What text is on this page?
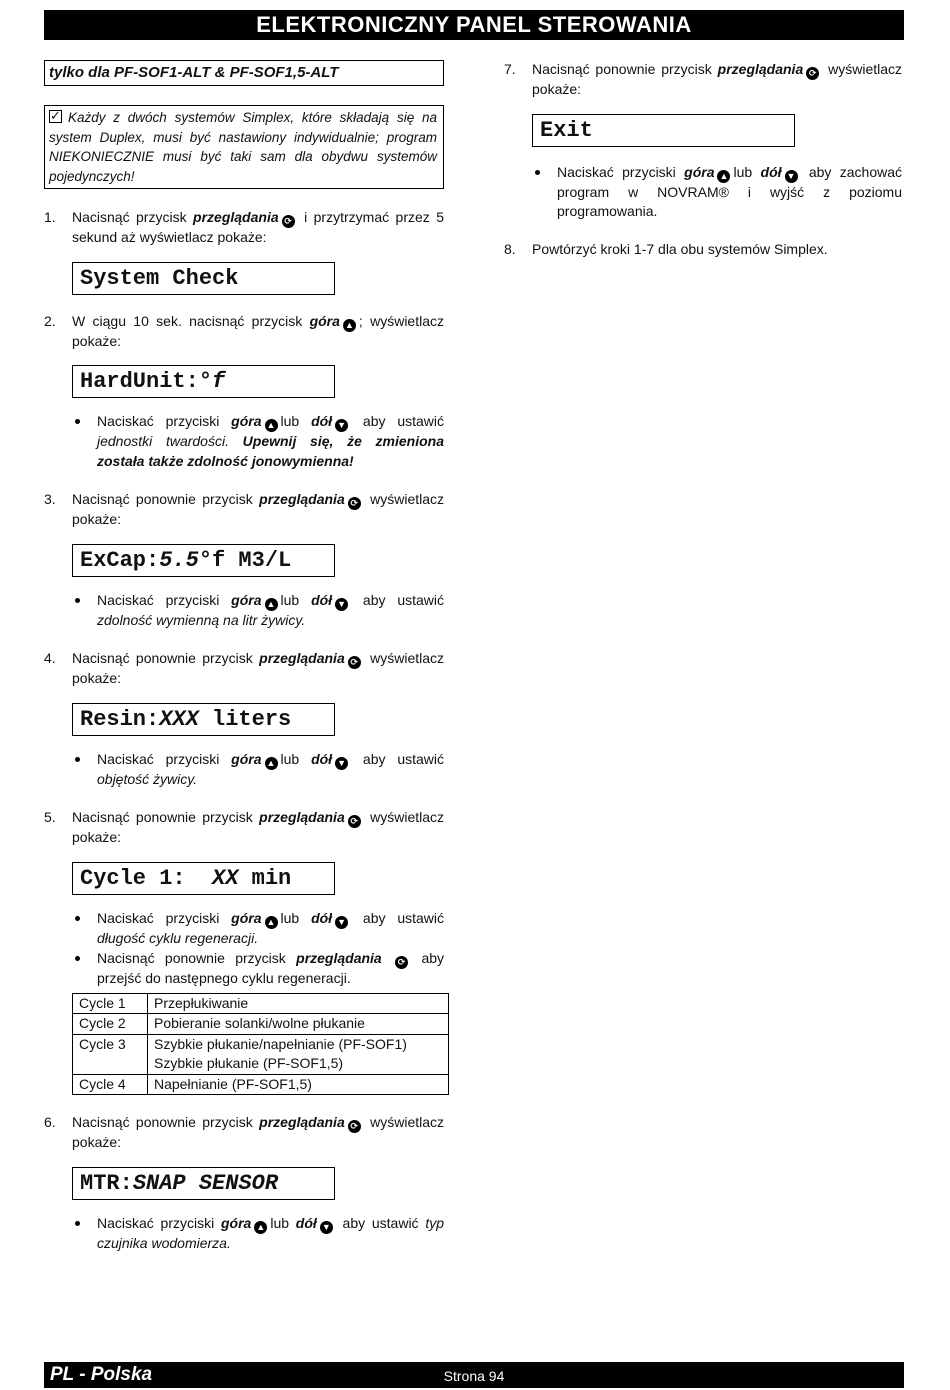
ELEKTRONICZNY PANEL STEROWANIA
tylko dla PF-SOF1-ALT & PF-SOF1,5-ALT
✓Każdy z dwóch systemów Simplex, które składają się na system Duplex, musi być nastawiony indywidualnie; program NIEKONIECZNIE musi być taki sam dla obydwu systemów pojedynczych!
1.	Nacisnąć przycisk przeglądania ⟳ i przytrzymać przez 5 sekund aż wyświetlacz pokaże:
System Check
2.	W ciągu 10 sek. nacisnąć przycisk góra ▲ ; wyświetlacz pokaże:
HardUnit:°f
Naciskać przyciski góra ▲ lub dół ▼ aby ustawić jednostki twardości. Upewnij się, że zmieniona została także zdolność jonowymienna!
3.	Nacisnąć ponownie przycisk przeglądania ⟳ wyświetlacz pokaże:
ExCap:5.5°f M3/L
Naciskać przyciski góra ▲ lub dół ▼ aby ustawić zdolność wymienną na litr żywicy.
4.	Nacisnąć ponownie przycisk przeglądania ⟳ wyświetlacz pokaże:
Resin:XXX liters
Naciskać przyciski góra ▲ lub dół ▼ aby ustawić objętość żywicy.
5.	Nacisnąć ponownie przycisk przeglądania ⟳ wyświetlacz pokaże:
Cycle 1:  XX min
Naciskać przyciski góra ▲ lub dół ▼ aby ustawić długość cyklu regeneracji.
Nacisnąć ponownie przycisk przeglądania ⟳ aby przejść do następnego cyklu regeneracji.
Cycle 1	Przepłukiwanie
Cycle 2	Pobieranie solanki/wolne płukanie
Cycle 3	Szybkie płukanie/napełnianie (PF-SOF1)
Szybkie płukanie (PF-SOF1,5)

Cycle 4	Napełnianie (PF-SOF1,5)
6.	Nacisnąć ponownie przycisk przeglądania ⟳ wyświetlacz pokaże:
MTR:SNAP SENSOR
Naciskać przyciski góra ▲ lub dół ▼ aby ustawić typ czujnika wodomierza.
7.	Nacisnąć ponownie przycisk przeglądania ⟳ wyświetlacz pokaże:
Exit
Naciskać przyciski góra ▲ lub dół ▼ aby zachować program w NOVRAM® i wyjść z poziomu programowania.
8.	Powtórzyć kroki 1-7 dla obu systemów Simplex.
Strona 94
PL - Polska
